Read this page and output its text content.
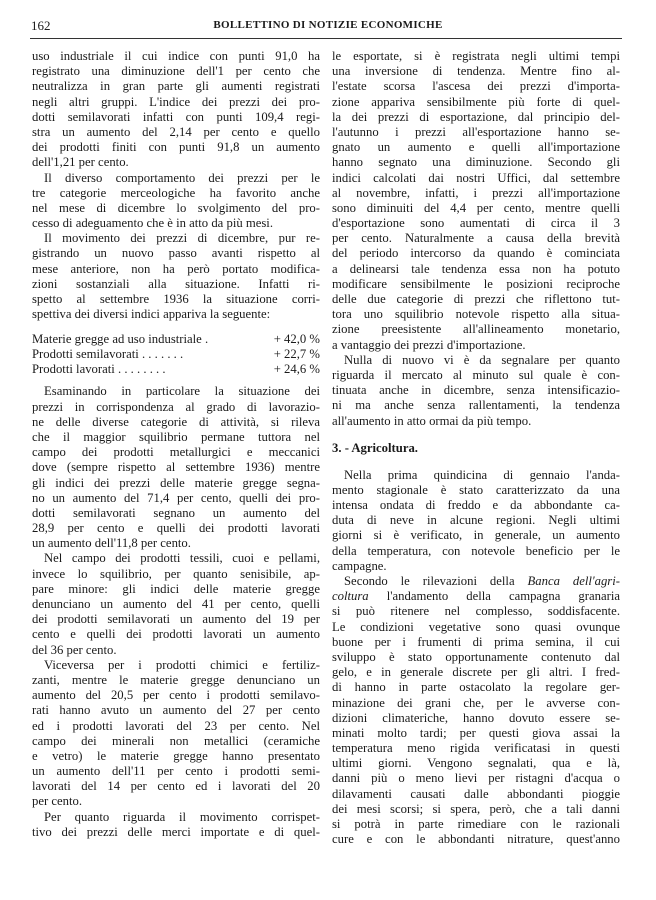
162	BOLLETTINO DI NOTIZIE ECONOMICHE
uso industriale il cui indice con punti 91,0 ha
registrato una diminuzione dell'1 per cento che
neutralizza in gran parte gli aumenti registrati
negli altri gruppi. L'indice dei prezzi dei pro-
dotti semilavorati infatti con punti 109,4 regi-
stra un aumento del 2,14 per cento e quello
dei prodotti finiti con punti 91,8 un aumento
dell'1,21 per cento.
Il diverso comportamento dei prezzi per le
tre categorie merceologiche ha favorito anche
nel mese di dicembre lo svolgimento del pro-
cesso di adeguamento che è in atto da più mesi.
Il movimento dei prezzi di dicembre, pur re-
gistrando un nuovo passo avanti rispetto al
mese anteriore, non ha però portato modifica-
zioni sostanziali alla situazione. Infatti ri-
spetto al settembre 1936 la situazione corri-
spettiva dei diversi indici appariva la seguente:
Materie gregge ad uso industriale .	+ 42,0 %
Prodotti semilavorati . . . . . . .	+ 22,7 %
Prodotti lavorati . . . . . . . .	+ 24,6 %
Esaminando in particolare la situazione dei
prezzi in corrispondenza al grado di lavorazio-
ne delle diverse categorie di attività, si rileva
che il maggior squilibrio permane tuttora nel
campo dei prodotti metallurgici e meccanici
dove (sempre rispetto al settembre 1936) mentre
gli indici dei prezzi delle materie gregge segna-
no un aumento del 71,4 per cento, quelli dei pro-
dotti semilavorati segnano un aumento del
28,9 per cento e quelli dei prodotti lavorati
un aumento dell'11,8 per cento.
Nel campo dei prodotti tessili, cuoi e pellami,
invece lo squilibrio, per quanto senisibile, ap-
pare minore: gli indici delle materie gregge
denunciano un aumento del 41 per cento, quelli
dei prodotti semilavorati un aumento del 19 per
cento e quelli dei prodotti lavorati un aumento
del 36 per cento.
Viceversa per i prodotti chimici e fertiliz-
zanti, mentre le materie gregge denunciano un
aumento del 20,5 per cento i prodotti semilavo-
rati hanno avuto un aumento del 27 per cento
ed i prodotti lavorati del 23 per cento. Nel
campo dei minerali non metallici (ceramiche
e vetro) le materie gregge hanno presentato
un aumento dell'11 per cento i prodotti semi-
lavorati del 14 per cento ed i lavorati del 20
per cento.
Per quanto riguarda il movimento corrispet-
tivo dei prezzi delle merci importate e di quel-
le esportate, si è registrata negli ultimi tempi
una inversione di tendenza. Mentre fino al-
l'estate scorsa l'ascesa dei prezzi d'importa-
zione appariva sensibilmente più forte di quel-
la dei prezzi di esportazione, dal principio del-
l'autunno i prezzi all'esportazione hanno se-
gnato un aumento e quelli all'importazione
hanno segnato una diminuzione. Secondo gli
indici calcolati dai nostri Uffici, dal settembre
al novembre, infatti, i prezzi all'importazione
sono diminuiti del 4,4 per cento, mentre quelli
d'esportazione sono aumentati di circa il 3
per cento. Naturalmente a causa della brevità
del periodo intercorso da quando è cominciata
a delinearsi tale tendenza essa non ha potuto
modificare sensibilmente le posizioni reciproche
delle due categorie di prezzi che riflettono tut-
tora uno squilibrio notevole rispetto alla situa-
zione preesistente all'allineamento monetario,
a vantaggio dei prezzi d'importazione.
Nulla di nuovo vi è da segnalare per quanto
riguarda il mercato al minuto sul quale è con-
tinuata anche in dicembre, senza intensificazio-
ni ma anche senza rallentamenti, la tendenza
all'aumento in atto ormai da più tempo.
3. - Agricoltura.
Nella prima quindicina di gennaio l'anda-
mento stagionale è stato caratterizzato da una
intensa ondata di freddo e da abbondante ca-
duta di neve in alcune regioni. Negli ultimi
giorni si è verificato, in generale, un aumento
della temperatura, con notevole beneficio per le
campagne.
Secondo le rilevazioni della Banca dell'agri-
coltura l'andamento della campagna granaria
si può ritenere nel complesso, soddisfacente.
Le condizioni vegetative sono quasi ovunque
buone per i frumenti di prima semina, il cui
sviluppo è stato opportunamente contenuto dal
gelo, e in generale discrete per gli altri. I fred-
di hanno in parte ostacolato la regolare ger-
minazione dei grani che, per le avverse con-
dizioni climateriche, hanno dovuto essere se-
minati molto tardi; per questi giova assai la
temperatura meno rigida verificatasi in questi
ultimi giorni. Vengono segnalati, qua e là,
danni più o meno lievi per ristagni d'acqua o
dilavamenti causati dalle abbondanti pioggie
dei mesi scorsi; si spera, però, che a tali danni
si potrà in parte rimediare con le razionali
cure e con le abbondanti nitrature, quest'anno
